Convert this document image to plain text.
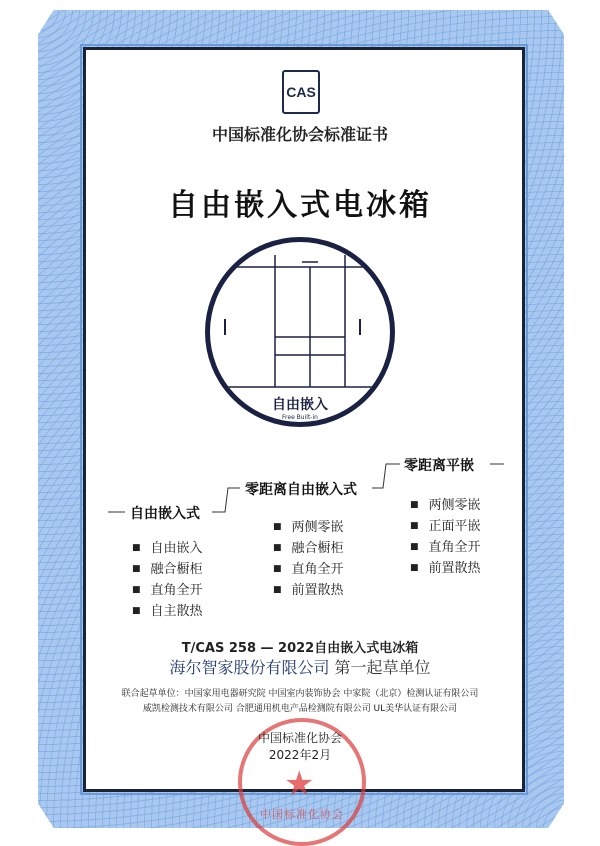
CAS
中国标准化协会标准证书
自由嵌入式电冰箱
自由嵌入
Free Built-in
自由嵌入式
零距离自由嵌入式
零距离平嵌
■ 自由嵌入
■ 融合橱柜
■ 直角全开
■ 自主散热
■ 两侧零嵌
■ 融合橱柜
■ 直角全开
■ 前置散热
■ 两侧零嵌
■ 正面平嵌
■ 直角全开
■ 前置散热
T/CAS 258 — 2022自由嵌入式电冰箱
海尔智家股份有限公司 第一起草单位
联合起草单位：中国家用电器研究院 中国室内装饰协会 中家院（北京）检测认证有限公司
威凯检测技术有限公司 合肥通用机电产品检测院有限公司 UL美华认证有限公司
★
中国标准化协会
中国标准化协会
2022年2月
